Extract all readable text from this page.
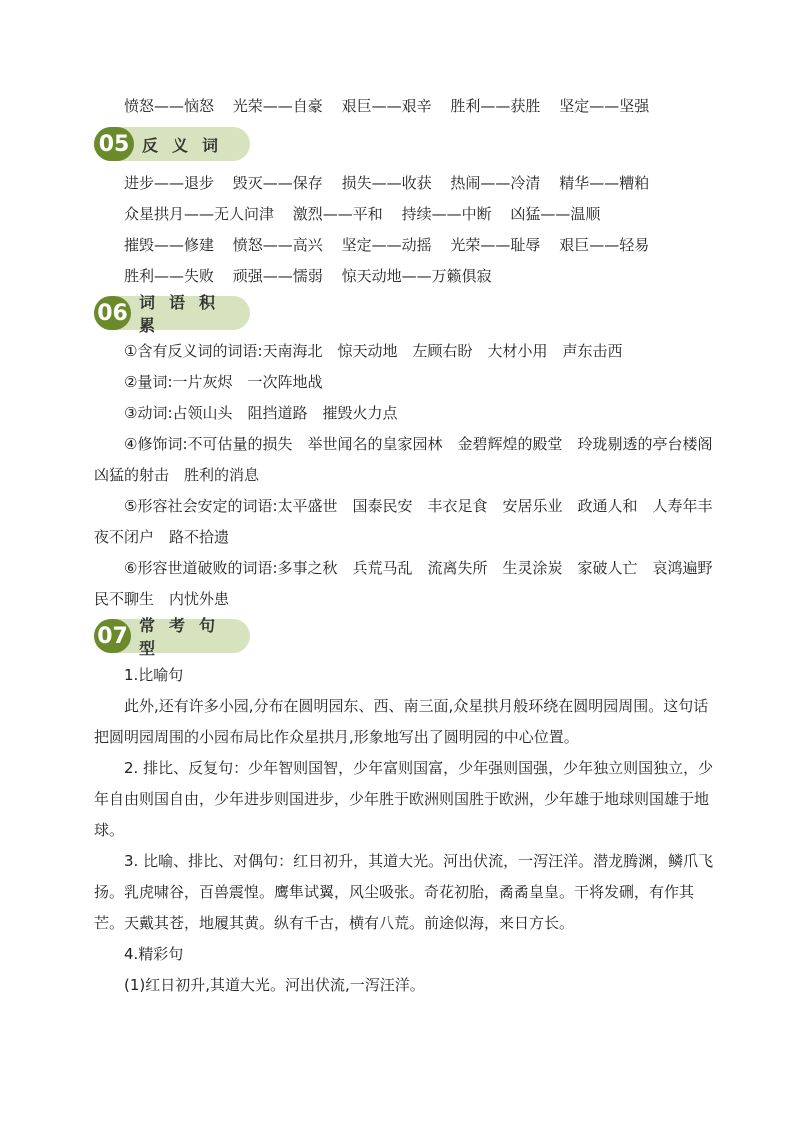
愤怒——恼怒 光荣——自豪 艰巨——艰辛 胜利——获胜 坚定——坚强
05 反义词
进步——退步 毁灭——保存 损失——收获 热闹——冷清 精华——糟粕
众星拱月——无人问津 激烈——平和 持续——中断 凶猛——温顺
摧毁——修建 愤怒——高兴 坚定——动摇 光荣——耻辱 艰巨——轻易
胜利——失败 顽强——懦弱 惊天动地——万籁俱寂
06 词语积累
①含有反义词的词语:天南海北　惊天动地　左顾右盼　大材小用　声东击西
②量词:一片灰烬　一次阵地战
③动词:占领山头　阻挡道路　摧毁火力点
④修饰词:不可估量的损失　举世闻名的皇家园林　金碧辉煌的殿堂　玲珑剔透的亭台楼阁　凶猛的射击　胜利的消息
⑤形容社会安定的词语:太平盛世　国泰民安　丰衣足食　安居乐业　政通人和　人寿年丰　夜不闭户　路不拾遗
⑥形容世道破败的词语:多事之秋　兵荒马乱　流离失所　生灵涂炭　家破人亡　哀鸿遍野　民不聊生　内忧外患
07 常考句型
1.比喻句
此外,还有许多小园,分布在圆明园东、西、南三面,众星拱月般环绕在圆明园周围。这句话把圆明园周围的小园布局比作众星拱月,形象地写出了圆明园的中心位置。
2. 排比、反复句：少年智则国智，少年富则国富，少年强则国强，少年独立则国独立，少年自由则国自由，少年进步则国进步，少年胜于欧洲则国胜于欧洲，少年雄于地球则国雄于地球。
3. 比喻、排比、对偶句：红日初升，其道大光。河出伏流，一泻汪洋。潜龙腾渊，鳞爪飞扬。乳虎啸谷，百兽震惶。鹰隼试翼，风尘吸张。奇花初胎，矞矞皇皇。干将发硎，有作其芒。天戴其苍，地履其黄。纵有千古，横有八荒。前途似海，来日方长。
4.精彩句
(1)红日初升,其道大光。河出伏流,一泻汪洋。
